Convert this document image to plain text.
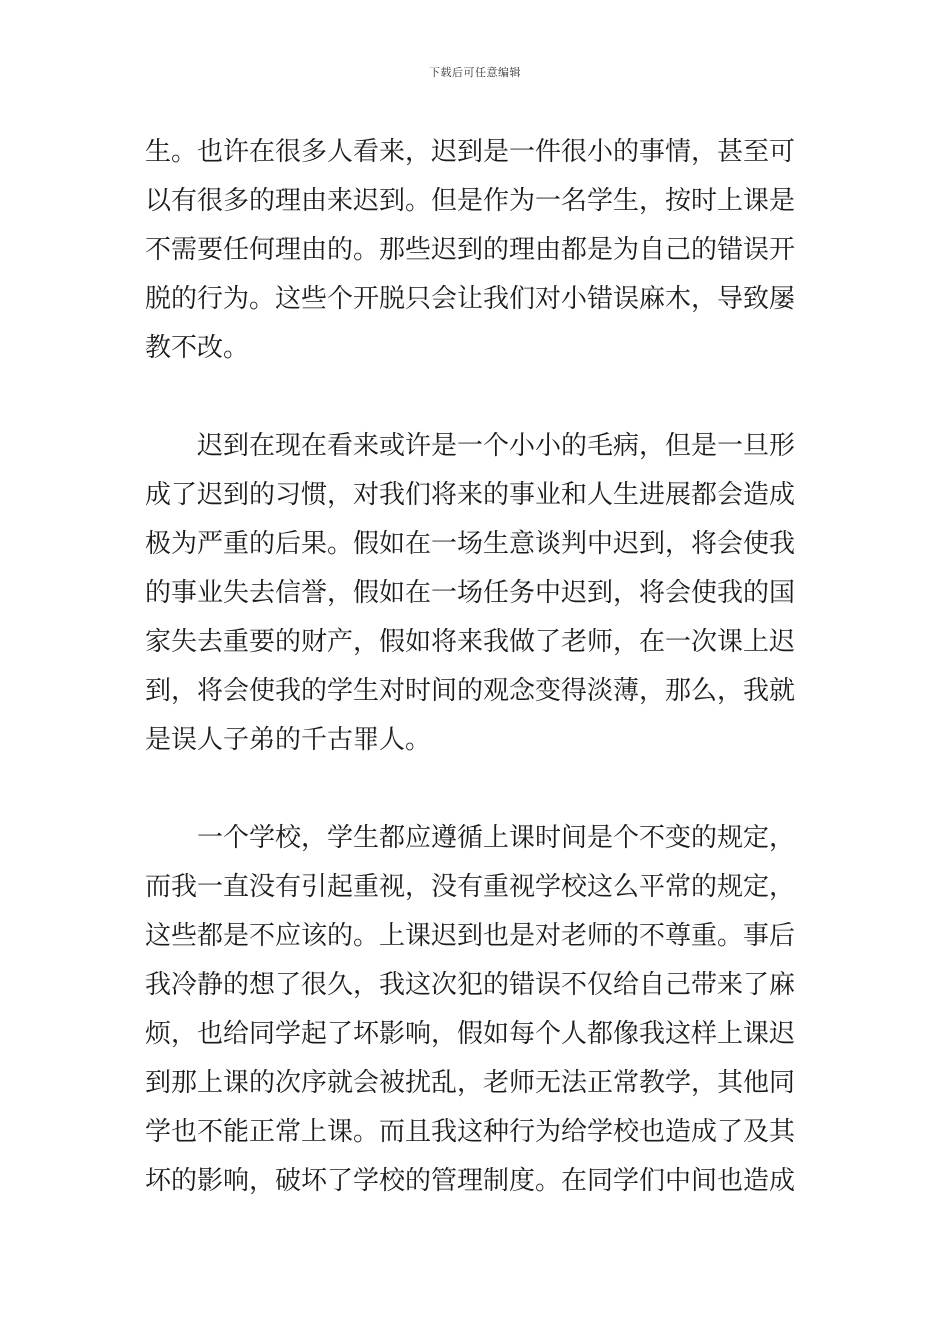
下载后可任意编辑
生。也许在很多人看来，迟到是一件很小的事情，甚至可
以有很多的理由来迟到。但是作为一名学生，按时上课是
不需要任何理由的。那些迟到的理由都是为自己的错误开
脱的行为。这些个开脱只会让我们对小错误麻木，导致屡
教不改。
　　迟到在现在看来或许是一个小小的毛病，但是一旦形
成了迟到的习惯，对我们将来的事业和人生进展都会造成
极为严重的后果。假如在一场生意谈判中迟到，将会使我
的事业失去信誉，假如在一场任务中迟到，将会使我的国
家失去重要的财产，假如将来我做了老师，在一次课上迟
到，将会使我的学生对时间的观念变得淡薄，那么，我就
是误人子弟的千古罪人。
　　一个学校，学生都应遵循上课时间是个不变的规定，
而我一直没有引起重视，没有重视学校这么平常的规定，
这些都是不应该的。上课迟到也是对老师的不尊重。事后
我冷静的想了很久，我这次犯的错误不仅给自己带来了麻
烦，也给同学起了坏影响，假如每个人都像我这样上课迟
到那上课的次序就会被扰乱，老师无法正常教学，其他同
学也不能正常上课。而且我这种行为给学校也造成了及其
坏的影响，破坏了学校的管理制度。在同学们中间也造成
